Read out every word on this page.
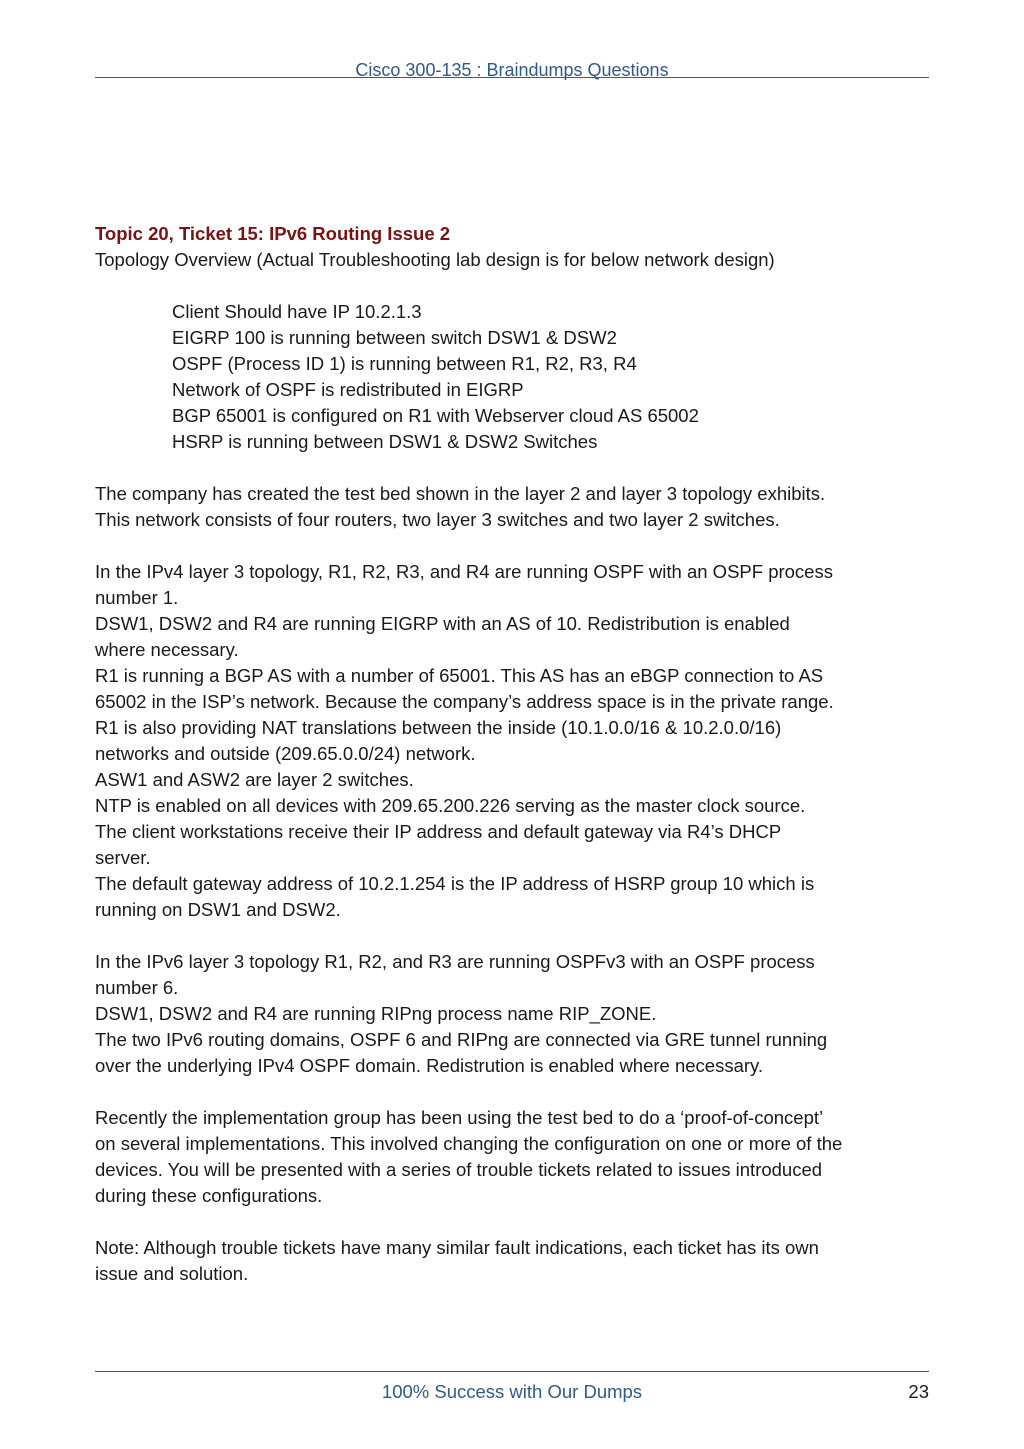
Cisco 300-135 : Braindumps Questions

Topic 20, Ticket 15: IPv6 Routing Issue 2

Topology Overview (Actual Troubleshooting lab design is for below network design)

Client Should have IP 10.2.1.3

EIGRP 100 is running between switch DSW1 & DSW2

OSPF (Process ID 1) is running between R1, R2, R3, R4

Network of OSPF is redistributed in EIGRP

BGP 65001 is configured on R1 with Webserver cloud AS 65002

HSRP is running between DSW1 & DSW2 Switches

The company has created the test bed shown in the layer 2 and layer 3 topology exhibits.

This network consists of four routers, two layer 3 switches and two layer 2 switches.

In the IPv4 layer 3 topology, R1, R2, R3, and R4 are running OSPF with an OSPF process

number 1.

DSW1, DSW2 and R4 are running EIGRP with an AS of 10. Redistribution is enabled

where necessary.

R1 is running a BGP AS with a number of 65001. This AS has an eBGP connection to AS

65002 in the ISP’s network. Because the company’s address space is in the private range.

R1 is also providing NAT translations between the inside (10.1.0.0/16 & 10.2.0.0/16)

networks and outside (209.65.0.0/24) network.

ASW1 and ASW2 are layer 2 switches.

NTP is enabled on all devices with 209.65.200.226 serving as the master clock source.

The client workstations receive their IP address and default gateway via R4’s DHCP

server.

The default gateway address of 10.2.1.254 is the IP address of HSRP group 10 which is

running on DSW1 and DSW2.

In the IPv6 layer 3 topology R1, R2, and R3 are running OSPFv3 with an OSPF process

number 6.

DSW1, DSW2 and R4 are running RIPng process name RIP_ZONE.

The two IPv6 routing domains, OSPF 6 and RIPng are connected via GRE tunnel running

over the underlying IPv4 OSPF domain. Redistrution is enabled where necessary.

Recently the implementation group has been using the test bed to do a ‘proof-of-concept’

on several implementations. This involved changing the configuration on one or more of the

devices. You will be presented with a series of trouble tickets related to issues introduced

during these configurations.

Note: Although trouble tickets have many similar fault indications, each ticket has its own

issue and solution.

100% Success with Our Dumps	23
